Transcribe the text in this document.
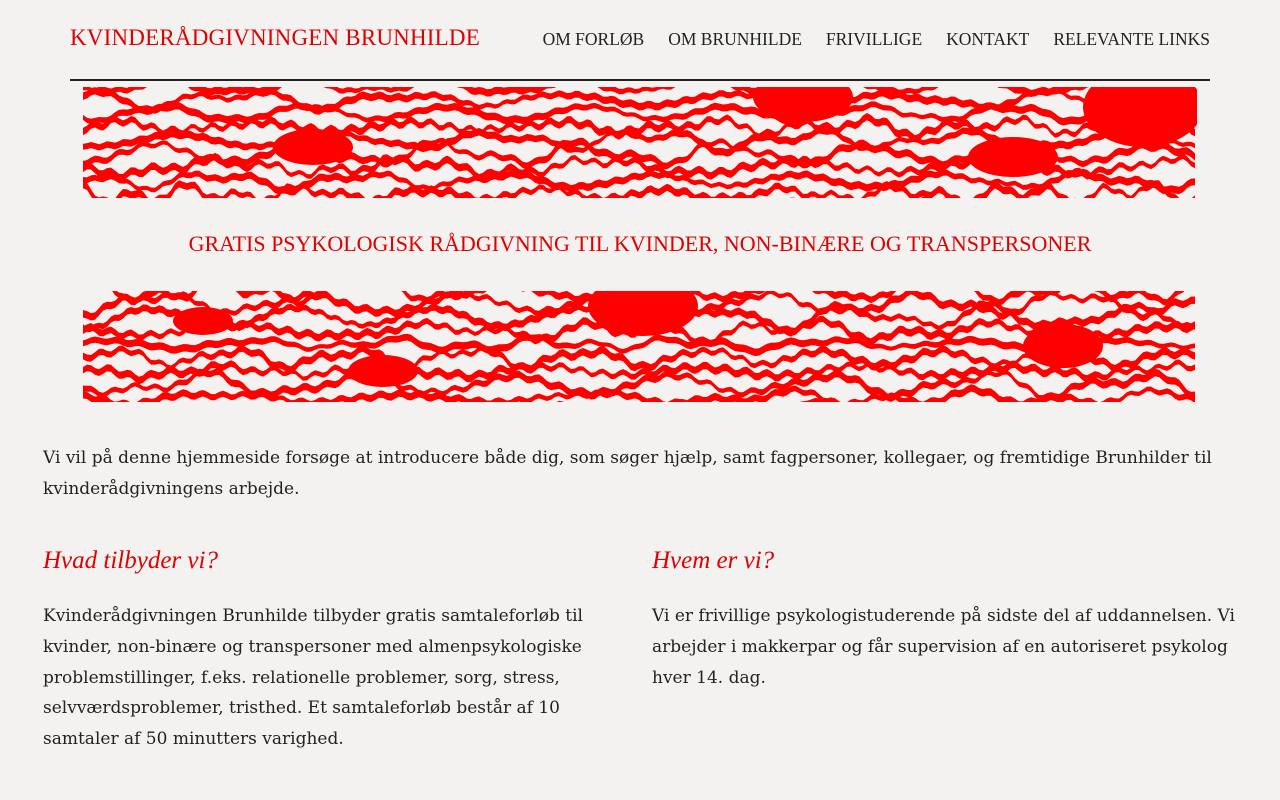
KVINDERÅDGIVNINGEN BRUNHILDE	OM FORLØB OM BRUNHILDE FRIVILLIGE KONTAKT RELEVANTE LINKS
GRATIS PSYKOLOGISK RÅDGIVNING TIL KVINDER, NON-BINÆRE OG TRANSPERSONER

Vi vil på denne hjemmeside forsøge at introducere både dig, som søger hjælp, samt fagpersoner, kollegaer, og fremtidige Brunhilder til kvinderådgivningens arbejde.

Hvad tilbyder vi?

Kvinderådgivningen Brunhilde tilbyder gratis samtaleforløb til kvinder, non-binære og transpersoner med almenpsykologiske problemstillinger, f.eks. relationelle problemer, sorg, stress, selvværdsproblemer, tristhed. Et samtaleforløb består af 10 samtaler af 50 minutters varighed.

Hvem er vi?

Vi er frivillige psykologistuderende på sidste del af uddannelsen. Vi arbejder i makkerpar og får supervision af en autoriseret psykolog hver 14. dag.
